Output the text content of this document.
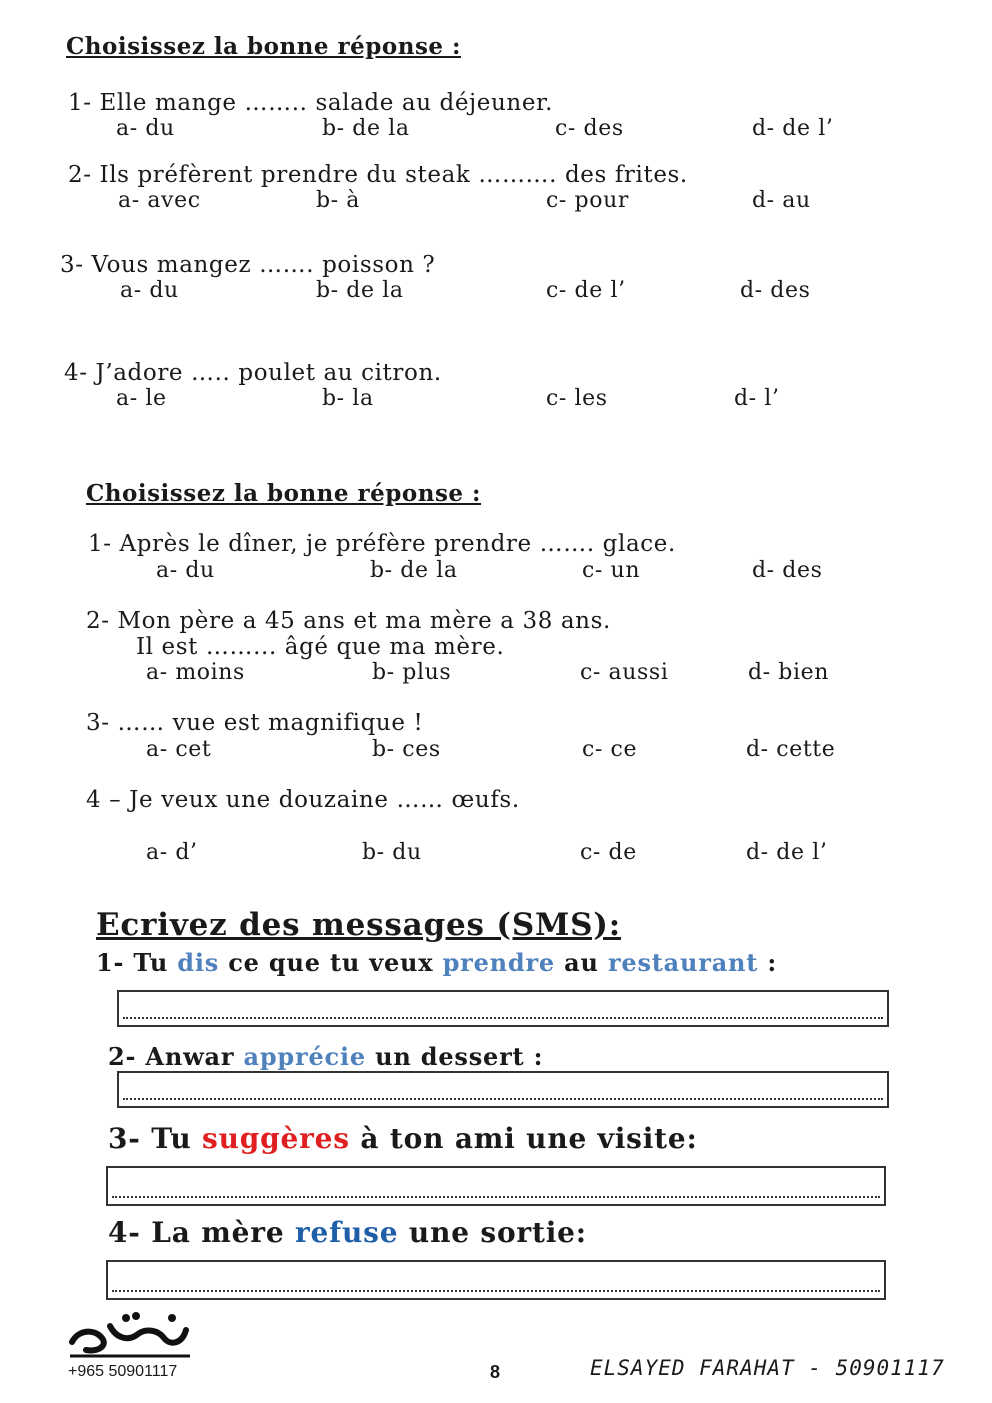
Choisissez la bonne réponse :
1- Elle mange …….. salade au déjeuner.
a- du	b- de la	c- des	d- de l’
2- Ils préfèrent prendre du steak ………. des frites.
a- avec	b- à	c- pour	d- au
3- Vous mangez ……. poisson ?
a- du	b- de la	c- de l’	d- des
4- J’adore ….. poulet au citron.
a- le	b- la	c- les	d- l’
Choisissez la bonne réponse :
1- Après le dîner, je préfère prendre ……. glace.
a- du	b- de la	c- un	d- des
2- Mon père a 45 ans et ma mère a 38 ans.
Il est ……... âgé que ma mère.
a- moins	b- plus	c- aussi	d- bien
3- …… vue est magnifique !
a- cet	b- ces	c- ce	d- cette
4 – Je veux une douzaine …… œufs.
a- d’	b- du	c- de	d- de l’
Ecrivez des messages (SMS):
1- Tu dis ce que tu veux prendre au restaurant :
2- Anwar apprécie un dessert :
3- Tu suggères à ton ami une visite:
4- La mère refuse une sortie:
رؤية
+965 50901117	8	ELSAYED FARAHAT - 50901117
